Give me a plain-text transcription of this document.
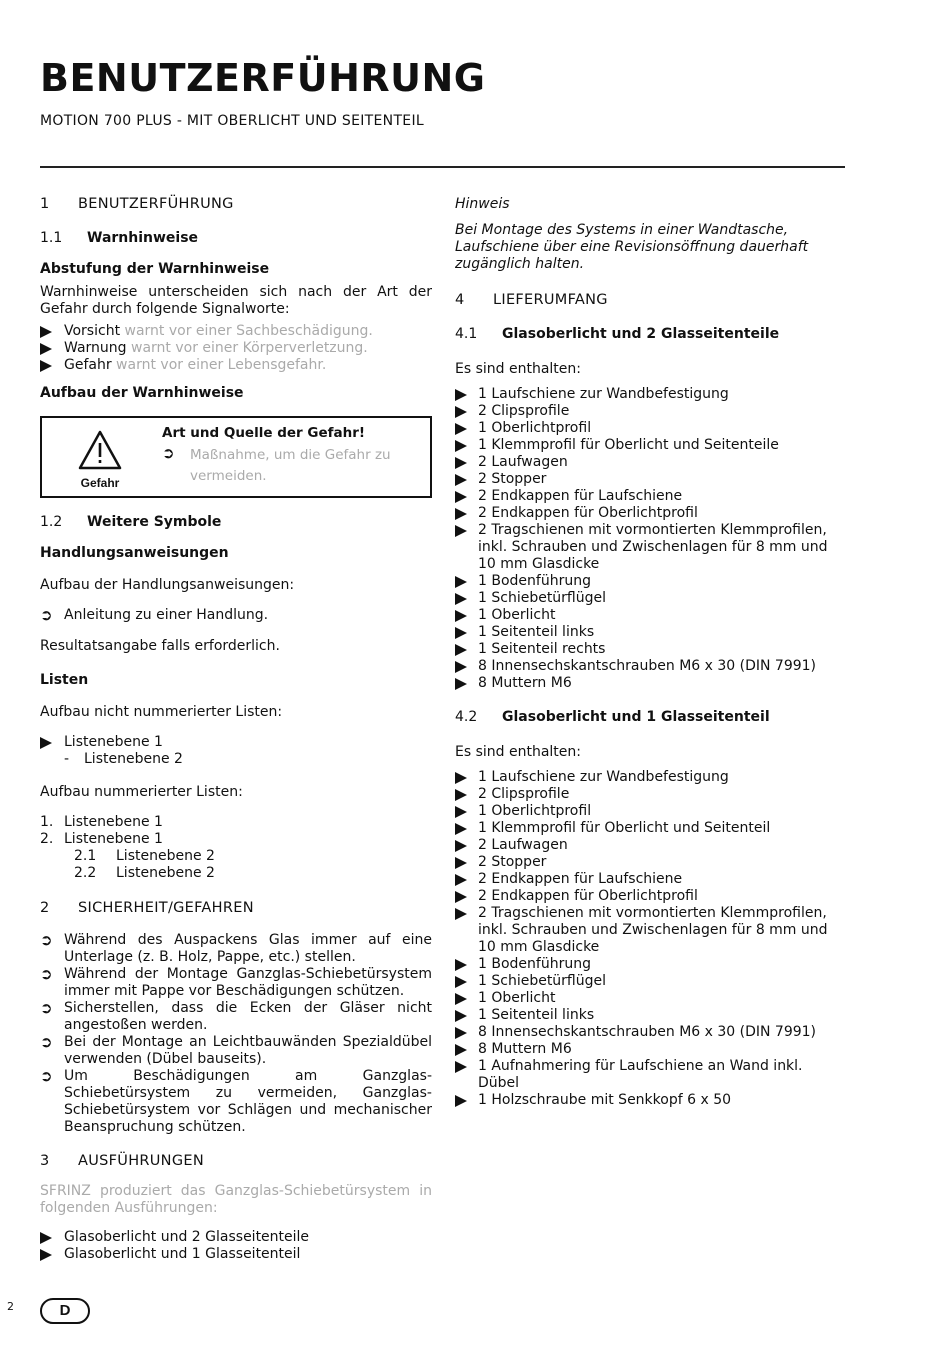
BENUTZERFÜHRUNG
MOTION 700 PLUS - MIT OBERLICHT UND SEITENTEIL
1 BENUTZERFÜHRUNG
1.1 Warnhinweise
Abstufung der Warnhinweise

Warnhinweise unterscheiden sich nach der Art der Gefahr durch folgende Signalworte:

Vorsicht warnt vor einer Sachbeschädigung.
Warnung warnt vor einer Körperverletzung.
Gefahr warnt vor einer Lebensgefahr.
Aufbau der Warnhinweise
Gefahr
Art und Quelle der Gefahr!
➲ Maßnahme, um die Gefahr zu vermeiden.
1.2 Weitere Symbole
Handlungsanweisungen

Aufbau der Handlungsanweisungen:

➲ Anleitung zu einer Handlung.

Resultatsangabe falls erforderlich.

Listen

Aufbau nicht nummerierter Listen:

Listenebene 1
- Listenebene 2

Aufbau nummerierter Listen:

1. Listenebene 1
2. Listenebene 1
2.1 Listenebene 2
2.2 Listenebene 2
2 SICHERHEIT/GEFAHREN
➲ Während des Auspackens Glas immer auf eine Unterlage (z. B. Holz, Pappe, etc.) stellen.
➲ Während der Montage Ganzglas-Schiebetürsystem immer mit Pappe vor Beschädigungen schützen.
➲ Sicherstellen, dass die Ecken der Gläser nicht angestoßen werden.
➲ Bei der Montage an Leichtbauwänden Spezialdübel verwenden (Dübel bauseits).
➲ Um Beschädigungen am Ganzglas-Schiebetürsystem zu vermeiden, Ganzglas-Schiebetürsystem vor Schlägen und mechanischer Beanspruchung schützen.
3 AUSFÜHRUNGEN

SFRINZ produziert das Ganzglas-Schiebetürsystem in folgenden Ausführungen:

Glasoberlicht und 2 Glasseitenteile
Glasoberlicht und 1 Glasseitenteil
Hinweis

Bei Montage des Systems in einer Wandtasche, Laufschiene über eine Revisionsöffnung dauerhaft zugänglich halten.

4 LIEFERUMFANG
4.1 Glasoberlicht und 2 Glasseitenteile

Es sind enthalten:

1 Laufschiene zur Wandbefestigung
2 Clipsprofile
1 Oberlichtprofil
1 Klemmprofil für Oberlicht und Seitenteile
2 Laufwagen
2 Stopper
2 Endkappen für Laufschiene
2 Endkappen für Oberlichtprofil
2 Tragschienen mit vormontierten Klemmprofilen, inkl. Schrauben und Zwischenlagen für 8 mm und 10 mm Glasdicke
1 Bodenführung
1 Schiebetürflügel
1 Oberlicht
1 Seitenteil links
1 Seitenteil rechts
8 Innensechskantschrauben M6 x 30 (DIN 7991)
8 Muttern M6
4.2 Glasoberlicht und 1 Glasseitenteil

Es sind enthalten:

1 Laufschiene zur Wandbefestigung
2 Clipsprofile
1 Oberlichtprofil
1 Klemmprofil für Oberlicht und Seitenteil
2 Laufwagen
2 Stopper
2 Endkappen für Laufschiene
2 Endkappen für Oberlichtprofil
2 Tragschienen mit vormontierten Klemmprofilen, inkl. Schrauben und Zwischenlagen für 8 mm und 10 mm Glasdicke
1 Bodenführung
1 Schiebetürflügel
1 Oberlicht
1 Seitenteil links
8 Innensechskantschrauben M6 x 30 (DIN 7991)
8 Muttern M6
1 Aufnahmering für Laufschiene an Wand inkl. Dübel
1 Holzschraube mit Senkkopf 6 x 50
2	D
